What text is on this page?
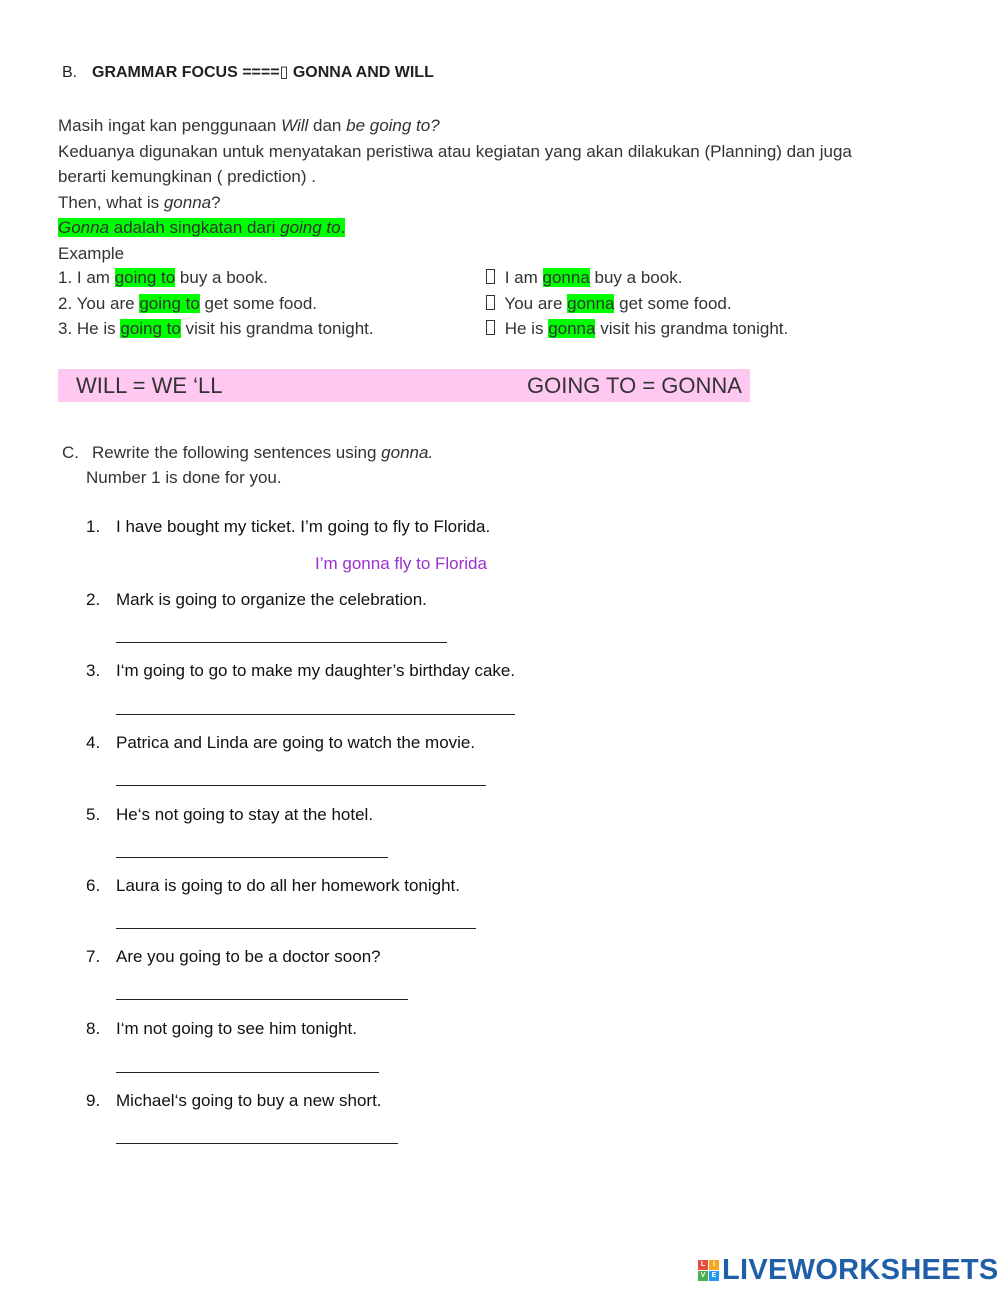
B. GRAMMAR FOCUS ====▯ GONNA AND WILL
Masih ingat kan penggunaan Will dan be going to?
Keduanya digunakan untuk menyatakan peristiwa atau kegiatan yang akan dilakukan (Planning) dan juga
berarti kemungkinan ( prediction) .
Then, what is gonna?
Gonna adalah singkatan dari going to.
Example
1. I am going to buy a book.	I am gonna buy a book.
2. You are going to get some food.	You are gonna get some food.
3. He is going to visit his grandma tonight.	He is gonna visit his grandma tonight.
WILL = WE ‘LL	GOING TO = GONNA
C. Rewrite the following sentences using gonna.
Number 1 is done for you.
1. I have bought my ticket. I’m going to fly to Florida.
I’m gonna fly to Florida
2. Mark is going to organize the celebration.
3. I‘m going to go to make my daughter’s birthday cake.
4. Patrica and Linda are going to watch the movie.
5. He‘s not going to stay at the hotel.
6. Laura is going to do all her homework tonight.
7. Are you going to be a doctor soon?
8. I‘m not going to see him tonight.
9. Michael‘s going to buy a new short.
L	I
V E LIVEWORKSHEETS
